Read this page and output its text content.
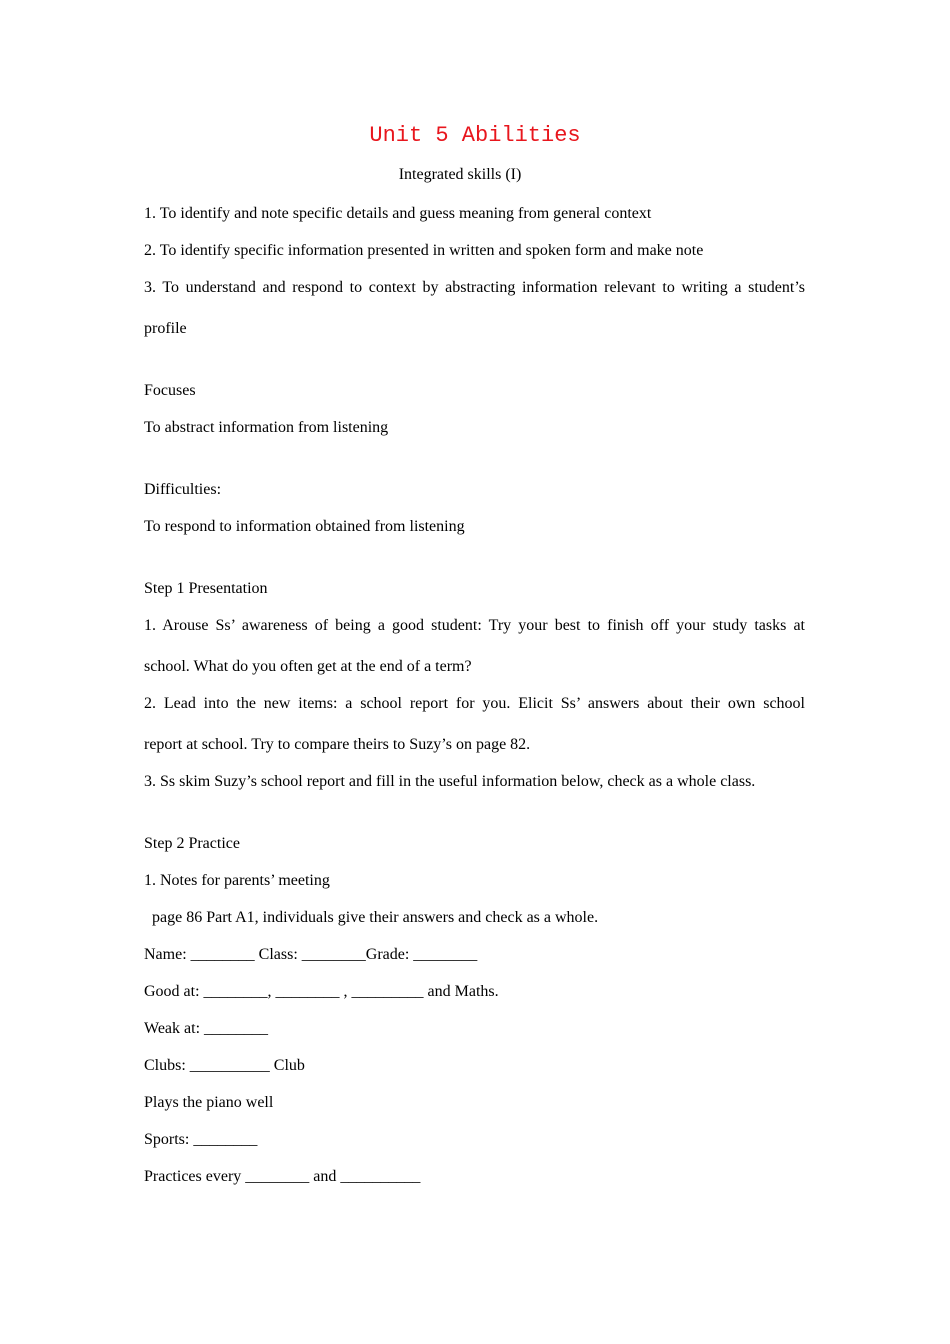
Unit 5 Abilities
Integrated skills (I)
1. To identify and note specific details and guess meaning from general context
2. To identify specific information presented in written and spoken form and make note
3. To understand and respond to context by abstracting information relevant to writing a student’s
profile
Focuses
To abstract information from listening
Difficulties:
To respond to information obtained from listening
Step 1 Presentation
1. Arouse Ss’ awareness of being a good student: Try your best to finish off your study tasks at
school. What do you often get at the end of a term?
2. Lead into the new items: a school report for you. Elicit Ss’ answers about their own school
report at school. Try to compare theirs to Suzy’s on page 82.
3. Ss skim Suzy’s school report and fill in the useful information below, check as a whole class.
Step 2 Practice
1. Notes for parents’ meeting
page 86 Part A1, individuals give their answers and check as a whole.
Name: ________ Class: ________Grade: ________
Good at: ________, ________ , _________ and Maths.
Weak at: ________
Clubs: __________ Club
Plays the piano well
Sports: ________
Practices every ________ and __________
